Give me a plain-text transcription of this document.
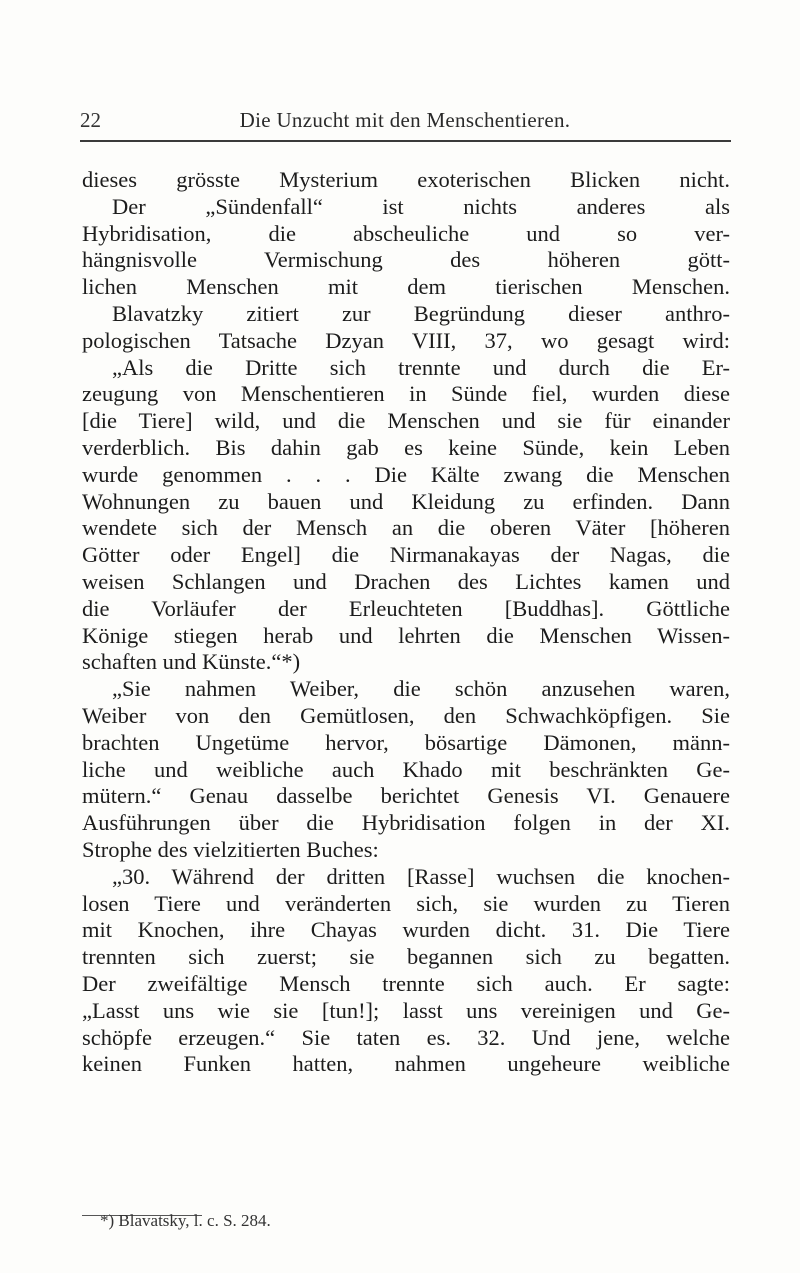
22	Die Unzucht mit den Menschentieren.
dieses grösste Mysterium exoterischen Blicken nicht.
Der „Sündenfall“ ist nichts anderes als
Hybridisation, die abscheuliche und so ver-
hängnisvolle Vermischung des höheren gött-
lichen Menschen mit dem tierischen Menschen.
Blavatzky zitiert zur Begründung dieser anthro-
pologischen Tatsache Dzyan VIII, 37, wo gesagt wird:
„Als die Dritte sich trennte und durch die Er-
zeugung von Menschentieren in Sünde fiel, wurden diese
[die Tiere] wild, und die Menschen und sie für einander
verderblich. Bis dahin gab es keine Sünde, kein Leben
wurde genommen . . . Die Kälte zwang die Menschen
Wohnungen zu bauen und Kleidung zu erfinden. Dann
wendete sich der Mensch an die oberen Väter [höheren
Götter oder Engel] die Nirmanakayas der Nagas, die
weisen Schlangen und Drachen des Lichtes kamen und
die Vorläufer der Erleuchteten [Buddhas]. Göttliche
Könige stiegen herab und lehrten die Menschen Wissen-
schaften und Künste.“*)
„Sie nahmen Weiber, die schön anzusehen waren,
Weiber von den Gemütlosen, den Schwachköpfigen. Sie
brachten Ungetüme hervor, bösartige Dämonen, männ-
liche und weibliche auch Khado mit beschränkten Ge-
mütern.“ Genau dasselbe berichtet Genesis VI. Genauere
Ausführungen über die Hybridisation folgen in der XI.
Strophe des vielzitierten Buches:
„30. Während der dritten [Rasse] wuchsen die knochen-
losen Tiere und veränderten sich, sie wurden zu Tieren
mit Knochen, ihre Chayas wurden dicht. 31. Die Tiere
trennten sich zuerst; sie begannen sich zu begatten.
Der zweifältige Mensch trennte sich auch. Er sagte:
„Lasst uns wie sie [tun!]; lasst uns vereinigen und Ge-
schöpfe erzeugen.“ Sie taten es. 32. Und jene, welche
keinen Funken hatten, nahmen ungeheure weibliche
*) Blavatsky, l. c. S. 284.
